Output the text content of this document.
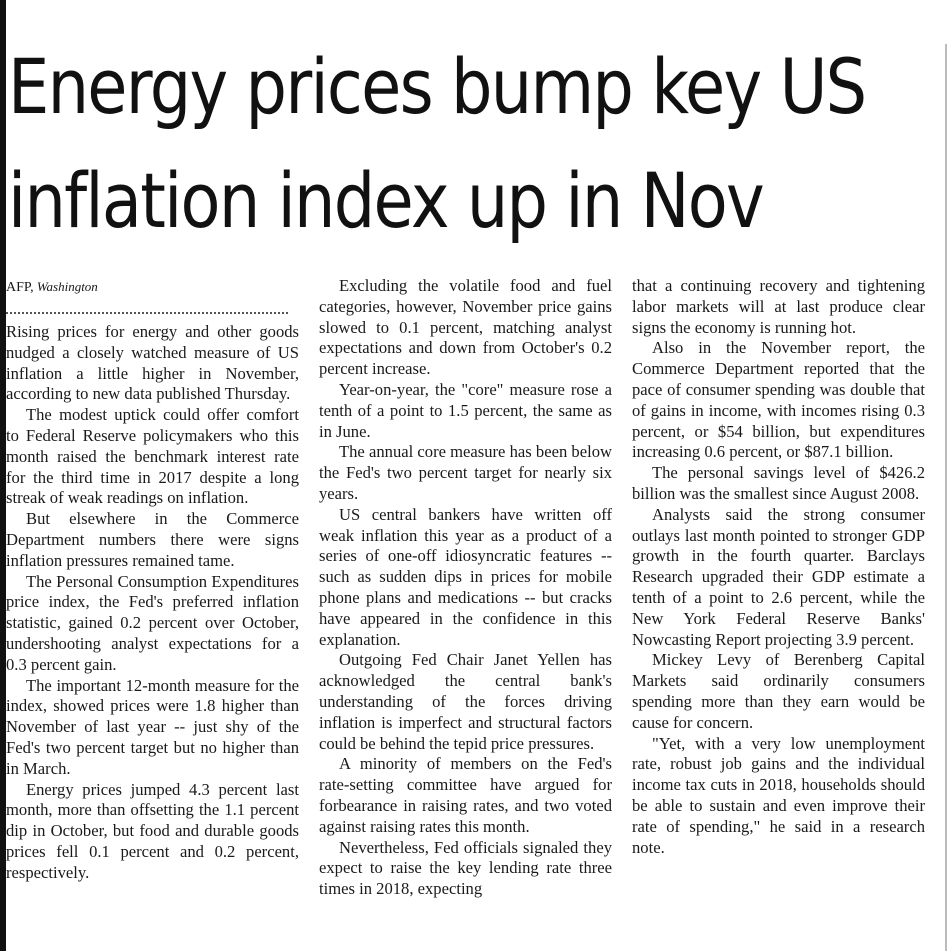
Energy prices bump key US
inflation index up in Nov
AFP, Washington

Rising prices for energy and other goods nudged a closely watched measure of US inflation a little higher in November, according to new data published Thursday.

The modest uptick could offer comfort to Federal Reserve policymakers who this month raised the benchmark interest rate for the third time in 2017 despite a long streak of weak readings on inflation.

But elsewhere in the Commerce Department numbers there were signs inflation pressures remained tame.

The Personal Consumption Expenditures price index, the Fed's preferred inflation statistic, gained 0.2 percent over October, undershooting analyst expectations for a 0.3 percent gain.

The important 12-month measure for the index, showed prices were 1.8 higher than November of last year -- just shy of the Fed's two percent target but no higher than in March.

Energy prices jumped 4.3 percent last month, more than offsetting the 1.1 percent dip in October, but food and durable goods prices fell 0.1 percent and 0.2 percent, respectively.

Excluding the volatile food and fuel categories, however, November price gains slowed to 0.1 percent, matching analyst expectations and down from October's 0.2 percent increase.

Year-on-year, the "core" measure rose a tenth of a point to 1.5 percent, the same as in June.

The annual core measure has been below the Fed's two percent target for nearly six years.

US central bankers have written off weak inflation this year as a product of a series of one-off idiosyncratic features -- such as sudden dips in prices for mobile phone plans and medications -- but cracks have appeared in the confidence in this explanation.

Outgoing Fed Chair Janet Yellen has acknowledged the central bank's understanding of the forces driving inflation is imperfect and structural factors could be behind the tepid price pressures.

A minority of members on the Fed's rate-setting committee have argued for forbearance in raising rates, and two voted against raising rates this month.

Nevertheless, Fed officials signaled they expect to raise the key lending rate three times in 2018, expecting

that a continuing recovery and tightening labor markets will at last produce clear signs the economy is running hot.

Also in the November report, the Commerce Department reported that the pace of consumer spending was double that of gains in income, with incomes rising 0.3 percent, or $54 billion, but expenditures increasing 0.6 percent, or $87.1 billion.

The personal savings level of $426.2 billion was the smallest since August 2008.

Analysts said the strong consumer outlays last month pointed to stronger GDP growth in the fourth quarter. Barclays Research upgraded their GDP estimate a tenth of a point to 2.6 percent, while the New York Federal Reserve Banks' Nowcasting Report projecting 3.9 percent.

Mickey Levy of Berenberg Capital Markets said ordinarily consumers spending more than they earn would be cause for concern.

"Yet, with a very low unemployment rate, robust job gains and the individual income tax cuts in 2018, households should be able to sustain and even improve their rate of spending," he said in a research note.
